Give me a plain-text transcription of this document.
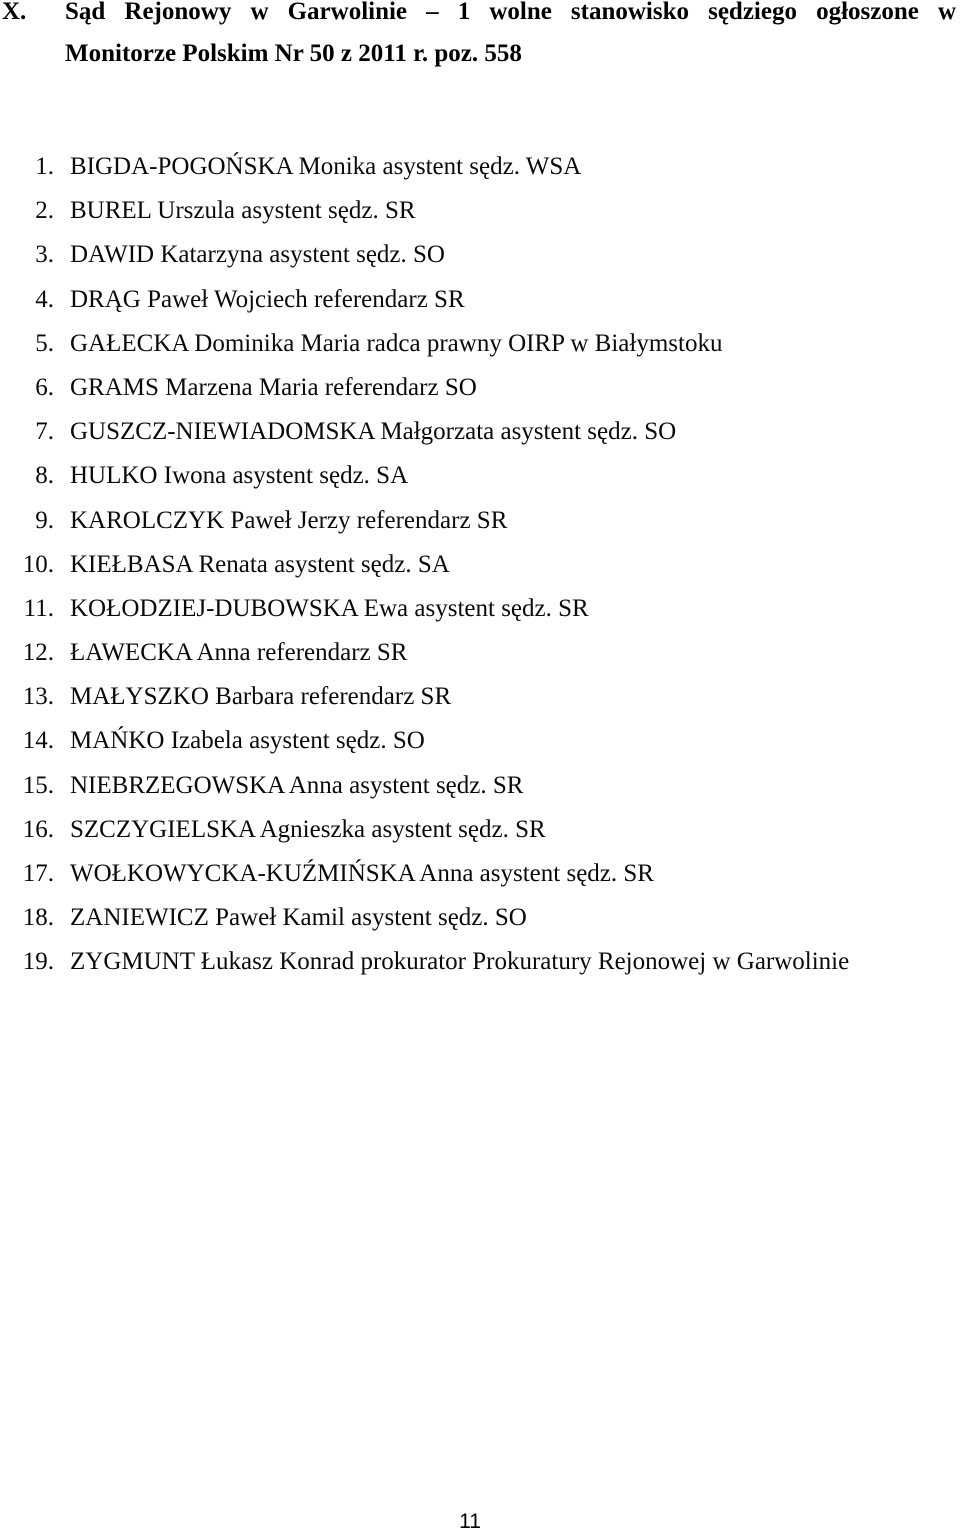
X. Sąd Rejonowy w Garwolinie – 1 wolne stanowisko sędziego ogłoszone w
Monitorze Polskim Nr 50 z 2011 r. poz. 558
1. BIGDA-POGOŃSKA Monika asystent sędz. WSA
2. BUREL Urszula asystent sędz. SR
3. DAWID Katarzyna asystent sędz. SO
4. DRĄG Paweł Wojciech referendarz SR
5. GAŁECKA Dominika Maria radca prawny OIRP w Białymstoku
6. GRAMS Marzena Maria referendarz SO
7. GUSZCZ-NIEWIADOMSKA Małgorzata asystent sędz. SO
8. HULKO Iwona asystent sędz. SA
9. KAROLCZYK Paweł Jerzy referendarz SR
10. KIEŁBASA Renata asystent sędz. SA
11. KOŁODZIEJ-DUBOWSKA Ewa asystent sędz. SR
12. ŁAWECKA Anna referendarz SR
13. MAŁYSZKO Barbara referendarz SR
14. MAŃKO Izabela asystent sędz. SO
15. NIEBRZEGOWSKA Anna asystent sędz. SR
16. SZCZYGIELSKA Agnieszka asystent sędz. SR
17. WOŁKOWYCKA-KUŹMIŃSKA Anna asystent sędz. SR
18. ZANIEWICZ Paweł Kamil asystent sędz. SO
19. ZYGMUNT Łukasz Konrad prokurator Prokuratury Rejonowej w Garwolinie
11
